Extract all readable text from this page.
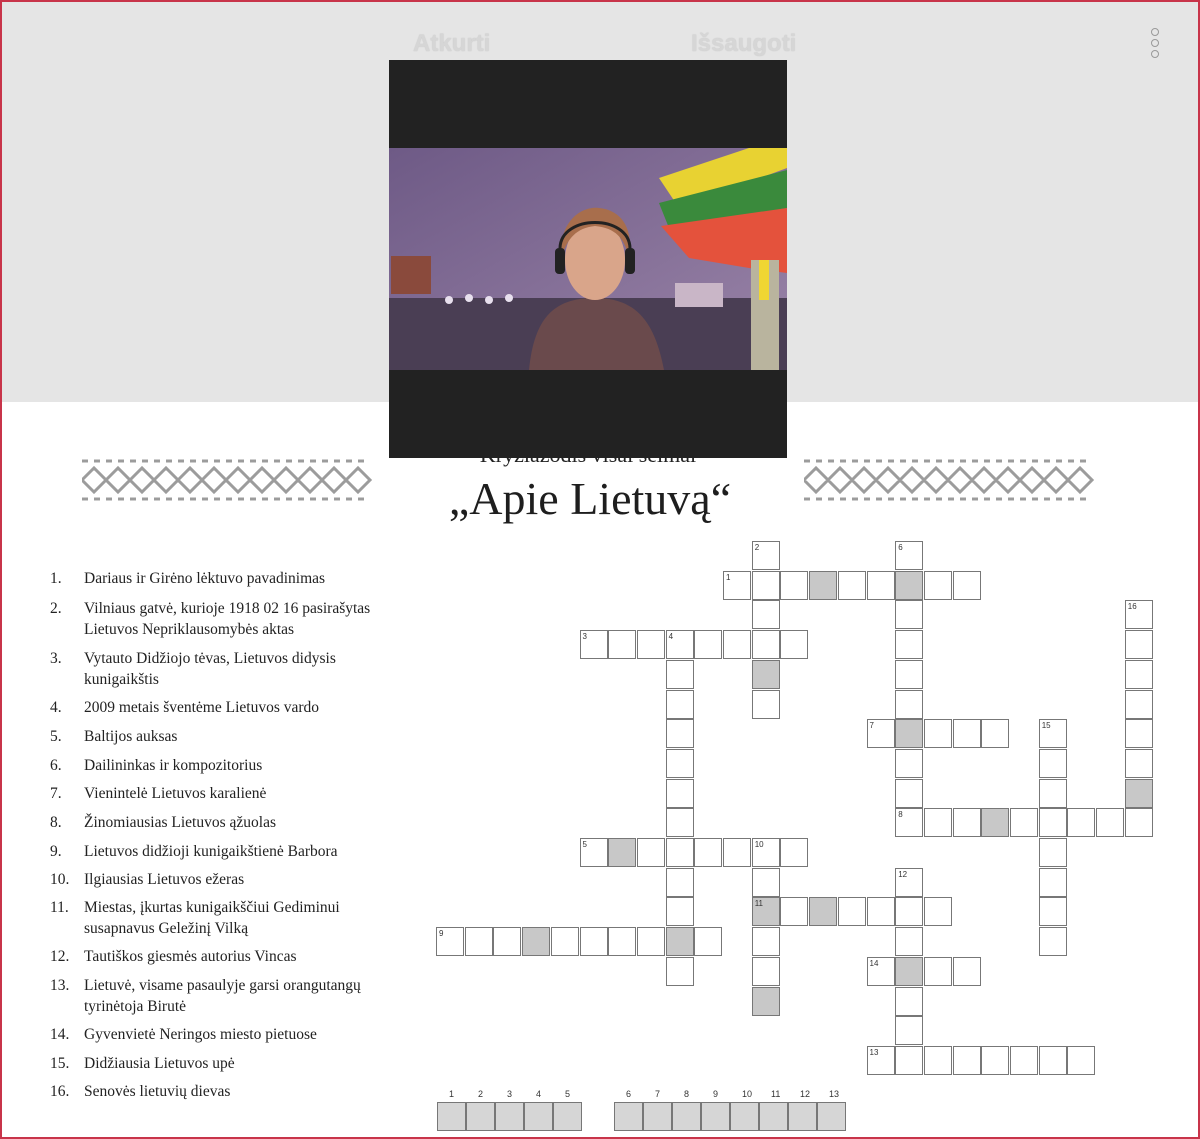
Atkurti	Išsaugoti
„Apie Lietuvą“
1.	Dariaus ir Girėno lėktuvo pavadinimas
2.	Vilniaus gatvė, kurioje 1918 02 16 pasirašytas Lietuvos Nepriklausomybės aktas
3.	Vytauto Didžiojo tėvas, Lietuvos didysis kunigaikštis
4.	2009 metais šventėme Lietuvos vardo
5.	Baltijos auksas
6.	Dailininkas ir kompozitorius
7.	Vienintelė Lietuvos karalienė
8.	Žinomiausias Lietuvos ąžuolas
9.	Lietuvos didžioji kunigaikštienė Barbora
10. Ilgiausias Lietuvos ežeras
11. Miestas, įkurtas kunigaikščiui Gediminui susapnavus Geležinį Vilką
12. Tautiškos giesmės autorius Vincas
13. Lietuvė, visame pasaulyje garsi orangutangų tyrinėtoja Birutė
14. Gyvenvietė Neringos miesto pietuose
15. Didžiausia Lietuvos upė
16. Senovės lietuvių dievas
1
2
3	4
5	10
6
7
8
9
11
12
13
14
15
16
1	2	3	4	5	6	7	8	9	10 11 12 13
